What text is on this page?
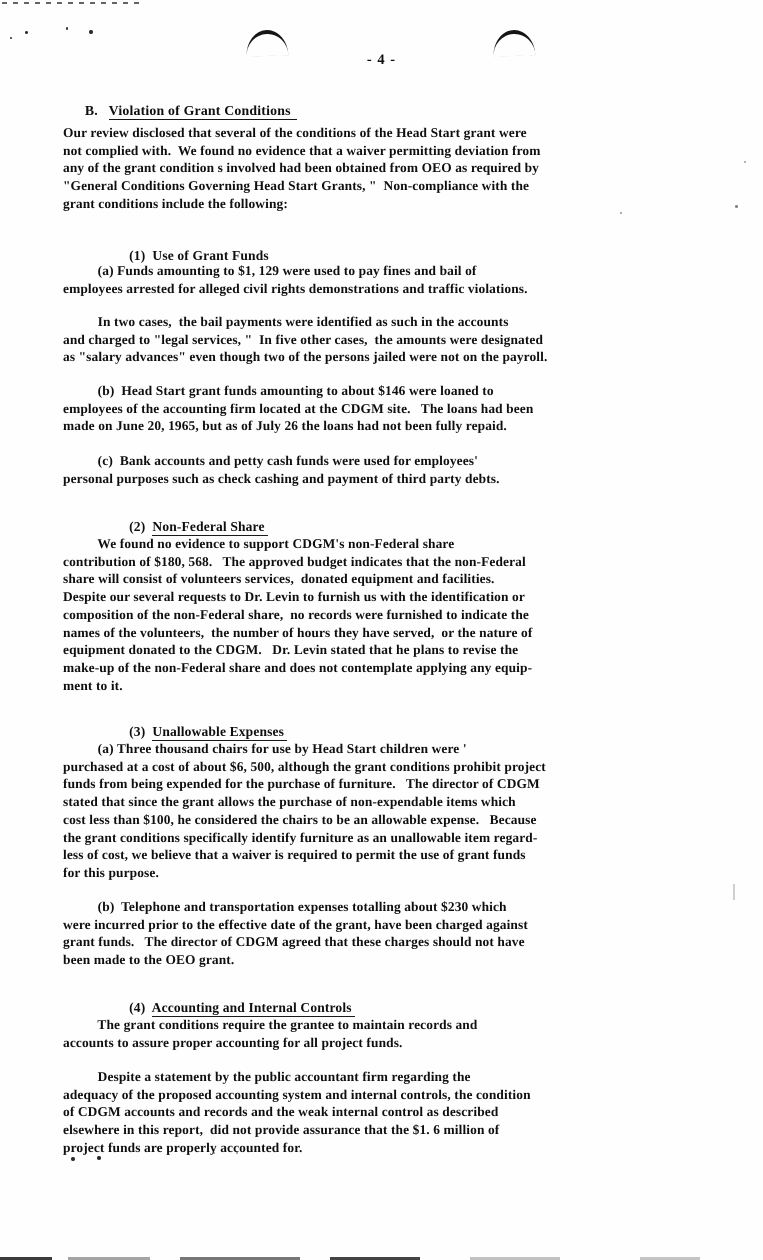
- 4 -

B. Violation of Grant Conditions

Our review disclosed that several of the conditions of the Head Start grant were
not complied with.  We found no evidence that a waiver permitting deviation from
any of the grant condition s involved had been obtained from OEO as required by
"General Conditions Governing Head Start Grants, "  Non-compliance with the
grant conditions include the following:

(1) Use of Grant Funds

(a) Funds amounting to $1, 129 were used to pay fines and bail of
employees arrested for alleged civil rights demonstrations and traffic violations.
In two cases,  the bail payments were identified as such in the accounts
and charged to "legal services, "  In five other cases,  the amounts were designated
as "salary advances" even though two of the persons jailed were not on the payroll.
(b)  Head Start grant funds amounting to about $146 were loaned to
employees of the accounting firm located at the CDGM site.   The loans had been
made on June 20, 1965, but as of July 26 the loans had not been fully repaid.
(c)  Bank accounts and petty cash funds were used for employees'
personal purposes such as check cashing and payment of third party debts.

(2) Non-Federal Share

We found no evidence to support CDGM's non-Federal share
contribution of $180, 568.   The approved budget indicates that the non-Federal
share will consist of volunteers services,  donated equipment and facilities.
Despite our several requests to Dr. Levin to furnish us with the identification or
composition of the non-Federal share,  no records were furnished to indicate the
names of the volunteers,  the number of hours they have served,  or the nature of
equipment donated to the CDGM.   Dr. Levin stated that he plans to revise the
make-up of the non-Federal share and does not contemplate applying any equip-
ment to it.

(3) Unallowable Expenses

(a) Three thousand chairs for use by Head Start children were '
purchased at a cost of about $6, 500, although the grant conditions prohibit project
funds from being expended for the purchase of furniture.   The director of CDGM
stated that since the grant allows the purchase of non-expendable items which
cost less than $100, he considered the chairs to be an allowable expense.   Because
the grant conditions specifically identify furniture as an unallowable item regard-
less of cost, we believe that a waiver is required to permit the use of grant funds
for this purpose.
(b)  Telephone and transportation expenses totalling about $230 which
were incurred prior to the effective date of the grant, have been charged against
grant funds.   The director of CDGM agreed that these charges should not have
been made to the OEO grant.

(4) Accounting and Internal Controls

The grant conditions require the grantee to maintain records and
accounts to assure proper accounting for all project funds.
Despite a statement by the public accountant firm regarding the
adequacy of the proposed accounting system and internal controls, the condition
of CDGM accounts and records and the weak internal control as described
elsewhere in this report,  did not provide assurance that the $1. 6 million of
project funds are properly accounted for.
